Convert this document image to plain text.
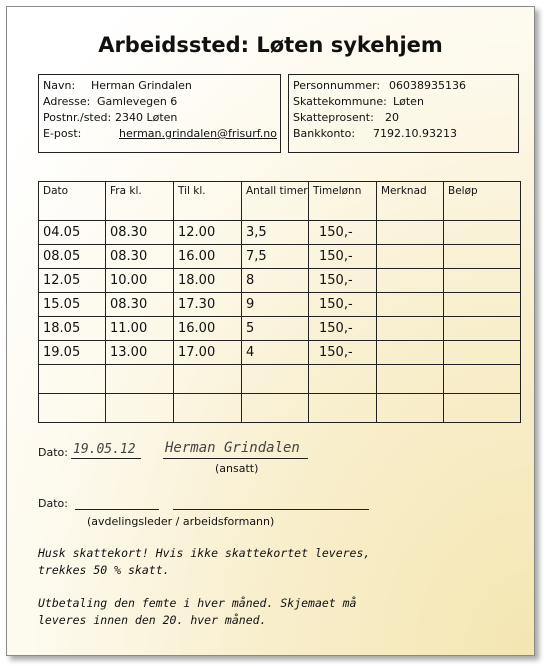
Arbeidssted: Løten sykehjem
Navn: Herman Grindalen
Adresse: Gamlevegen 6
Postnr./sted: 2340 Løten
E-post:	herman.grindalen@frisurf.no
Personnummer: 06038935136
Skattekommune: Løten
Skatteprosent: 20
Bankkonto: 7192.10.93213
Dato	Fra kl.	Til kl.	Antall timer	Timelønn	Merknad	Beløp
04.05	08.30	12.00	3,5	150,-		
08.05	08.30	16.00	7,5	150,-		
12.05	10.00	18.00	8	150,-		
15.05	08.30	17.30	9	150,-		
18.05	11.00	16.00	5	150,-		
19.05	13.00	17.00	4	150,-		

Dato: 19.05.12 Herman Grindalen
(ansatt)
Dato:
(avdelingsleder / arbeidsformann)
Husk skattekort! Hvis ikke skattekortet leveres,
trekkes 50 % skatt.
Utbetaling den femte i hver måned. Skjemaet må
leveres innen den 20. hver måned.
